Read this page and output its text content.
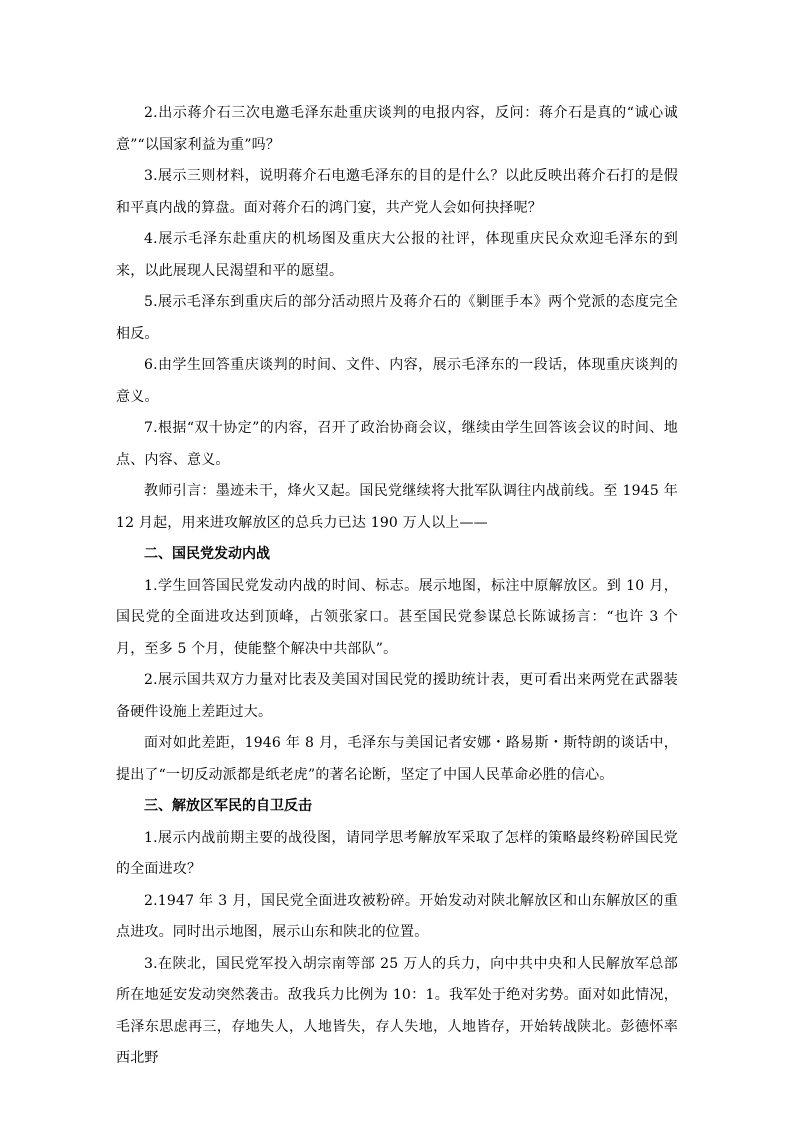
2.出示蒋介石三次电邀毛泽东赴重庆谈判的电报内容，反问：蒋介石是真的“诚心诚意”“以国家利益为重”吗？

3.展示三则材料，说明蒋介石电邀毛泽东的目的是什么？以此反映出蒋介石打的是假和平真内战的算盘。面对蒋介石的鸿门宴，共产党人会如何抉择呢？

4.展示毛泽东赴重庆的机场图及重庆大公报的社评，体现重庆民众欢迎毛泽东的到来，以此展现人民渴望和平的愿望。

5.展示毛泽东到重庆后的部分活动照片及蒋介石的《剿匪手本》两个党派的态度完全相反。

6.由学生回答重庆谈判的时间、文件、内容，展示毛泽东的一段话，体现重庆谈判的意义。

7.根据“双十协定”的内容，召开了政治协商会议，继续由学生回答该会议的时间、地点、内容、意义。

教师引言：墨迹未干，烽火又起。国民党继续将大批军队调往内战前线。至 1945 年 12 月起，用来进攻解放区的总兵力已达 190 万人以上——

二、国民党发动内战

1.学生回答国民党发动内战的时间、标志。展示地图，标注中原解放区。到 10 月，国民党的全面进攻达到顶峰，占领张家口。甚至国民党参谋总长陈诚扬言：“也许 3 个月，至多 5 个月，使能整个解决中共部队”。

2.展示国共双方力量对比表及美国对国民党的援助统计表，更可看出来两党在武器装备硬件设施上差距过大。

面对如此差距，1946 年 8 月，毛泽东与美国记者安娜・路易斯・斯特朗的谈话中，提出了“一切反动派都是纸老虎”的著名论断，坚定了中国人民革命必胜的信心。

三、解放区军民的自卫反击

1.展示内战前期主要的战役图，请同学思考解放军采取了怎样的策略最终粉碎国民党的全面进攻？

2.1947 年 3 月，国民党全面进攻被粉碎。开始发动对陕北解放区和山东解放区的重点进攻。同时出示地图，展示山东和陕北的位置。

3.在陕北，国民党军投入胡宗南等部 25 万人的兵力，向中共中央和人民解放军总部所在地延安发动突然袭击。敌我兵力比例为 10：1。我军处于绝对劣势。面对如此情况，毛泽东思虑再三，存地失人，人地皆失，存人失地，人地皆存，开始转战陕北。彭德怀率西北野
